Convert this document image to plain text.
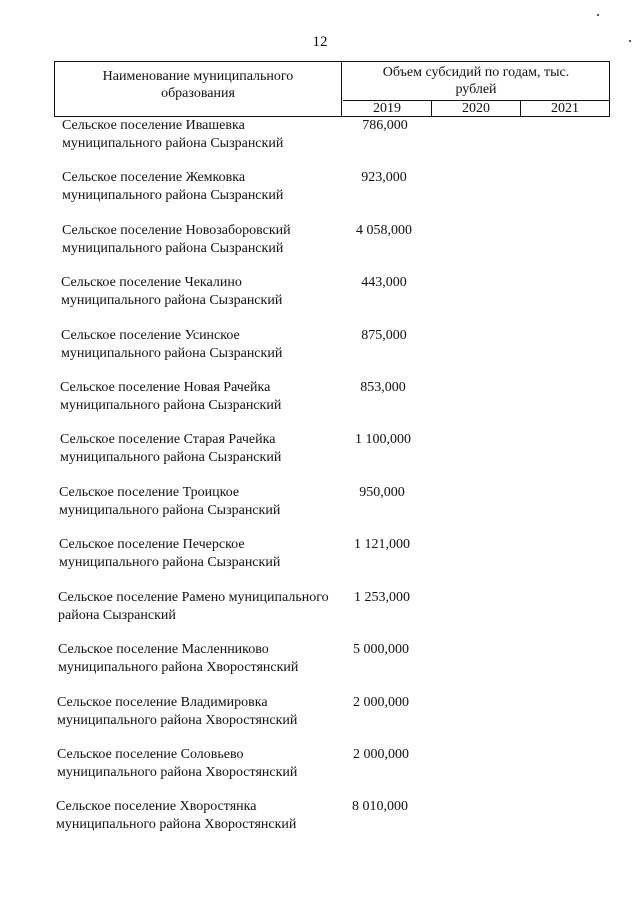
12
Наименование муниципального образования
Объем субсидий по годам, тыс. рублей
2019	2020	2021
Сельское поселение Ивашевка муниципального района Сызранский
786,000
Сельское поселение Жемковка муниципального района Сызранский
923,000
Сельское поселение Новозаборовский муниципального района Сызранский
4 058,000
Сельское поселение Чекалино муниципального района Сызранский
443,000
Сельское поселение Усинское муниципального района Сызранский
875,000
Сельское поселение Новая Рачейка муниципального района Сызранский
853,000
Сельское поселение Старая Рачейка муниципального района Сызранский
1 100,000
Сельское поселение Троицкое муниципального района Сызранский
950,000
Сельское поселение Печерское муниципального района Сызранский
1 121,000
Сельское поселение Рамено муниципального района Сызранский
1 253,000
Сельское поселение Масленниково муниципального района Хворостянский
5 000,000
Сельское поселение Владимировка муниципального района Хворостянский
2 000,000
Сельское поселение Соловьево муниципального района Хворостянский
2 000,000
Сельское поселение Хворостянка муниципального района Хворостянский
8 010,000
